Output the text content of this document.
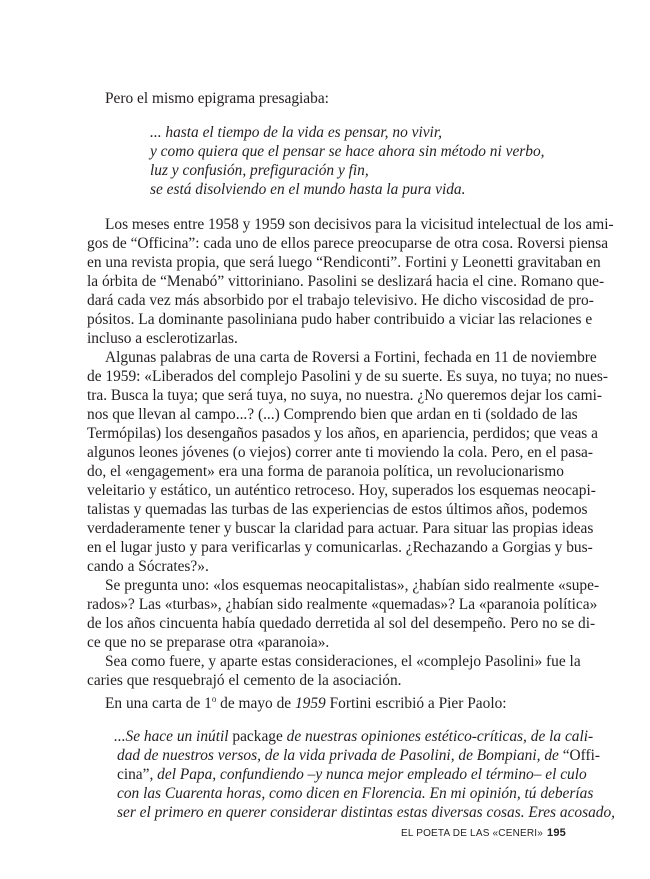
Pero el mismo epigrama presagiaba:
... hasta el tiempo de la vida es pensar, no vivir,
y como quiera que el pensar se hace ahora sin método ni verbo,
luz y confusión, prefiguración y fin,
se está disolviendo en el mundo hasta la pura vida.
Los meses entre 1958 y 1959 son decisivos para la vicisitud intelectual de los ami-
gos de “Officina”: cada uno de ellos parece preocuparse de otra cosa. Roversi piensa
en una revista propia, que será luego “Rendiconti”. Fortini y Leonetti gravitaban en
la órbita de “Menabó” vittoriniano. Pasolini se deslizará hacia el cine. Romano que-
dará cada vez más absorbido por el trabajo televisivo. He dicho viscosidad de pro-
pósitos. La dominante pasoliniana pudo haber contribuido a viciar las relaciones e
incluso a esclerotizarlas.
Algunas palabras de una carta de Roversi a Fortini, fechada en 11 de noviembre
de 1959: «Liberados del complejo Pasolini y de su suerte. Es suya, no tuya; no nues-
tra. Busca la tuya; que será tuya, no suya, no nuestra. ¿No queremos dejar los cami-
nos que llevan al campo...? (...) Comprendo bien que ardan en ti (soldado de las
Termópilas) los desengaños pasados y los años, en apariencia, perdidos; que veas a
algunos leones jóvenes (o viejos) correr ante ti moviendo la cola. Pero, en el pasa-
do, el «engagement» era una forma de paranoia política, un revolucionarismo
veleitario y estático, un auténtico retroceso. Hoy, superados los esquemas neocapi-
talistas y quemadas las turbas de las experiencias de estos últimos años, podemos
verdaderamente tener y buscar la claridad para actuar. Para situar las propias ideas
en el lugar justo y para verificarlas y comunicarlas. ¿Rechazando a Gorgias y bus-
cando a Sócrates?».
Se pregunta uno: «los esquemas neocapitalistas», ¿habían sido realmente «supe-
rados»? Las «turbas», ¿habían sido realmente «quemadas»? La «paranoia política»
de los años cincuenta había quedado derretida al sol del desempeño. Pero no se di-
ce que no se preparase otra «paranoia».
Sea como fuere, y aparte estas consideraciones, el «complejo Pasolini» fue la
caries que resquebrajó el cemento de la asociación.
En una carta de 1$^o$ de mayo de 1959 Fortini escribió a Pier Paolo:
...Se hace un inútil package de nuestras opiniones estético-críticas, de la cali-
dad de nuestros versos, de la vida privada de Pasolini, de Bompiani, de “Offi-
cina”, del Papa, confundiendo –y nunca mejor empleado el término– el culo
con las Cuarenta horas, como dicen en Florencia. En mi opinión, tú deberías
ser el primero en querer considerar distintas estas diversas cosas. Eres acosado,
EL POETA DE LAS «CENERI» 195
